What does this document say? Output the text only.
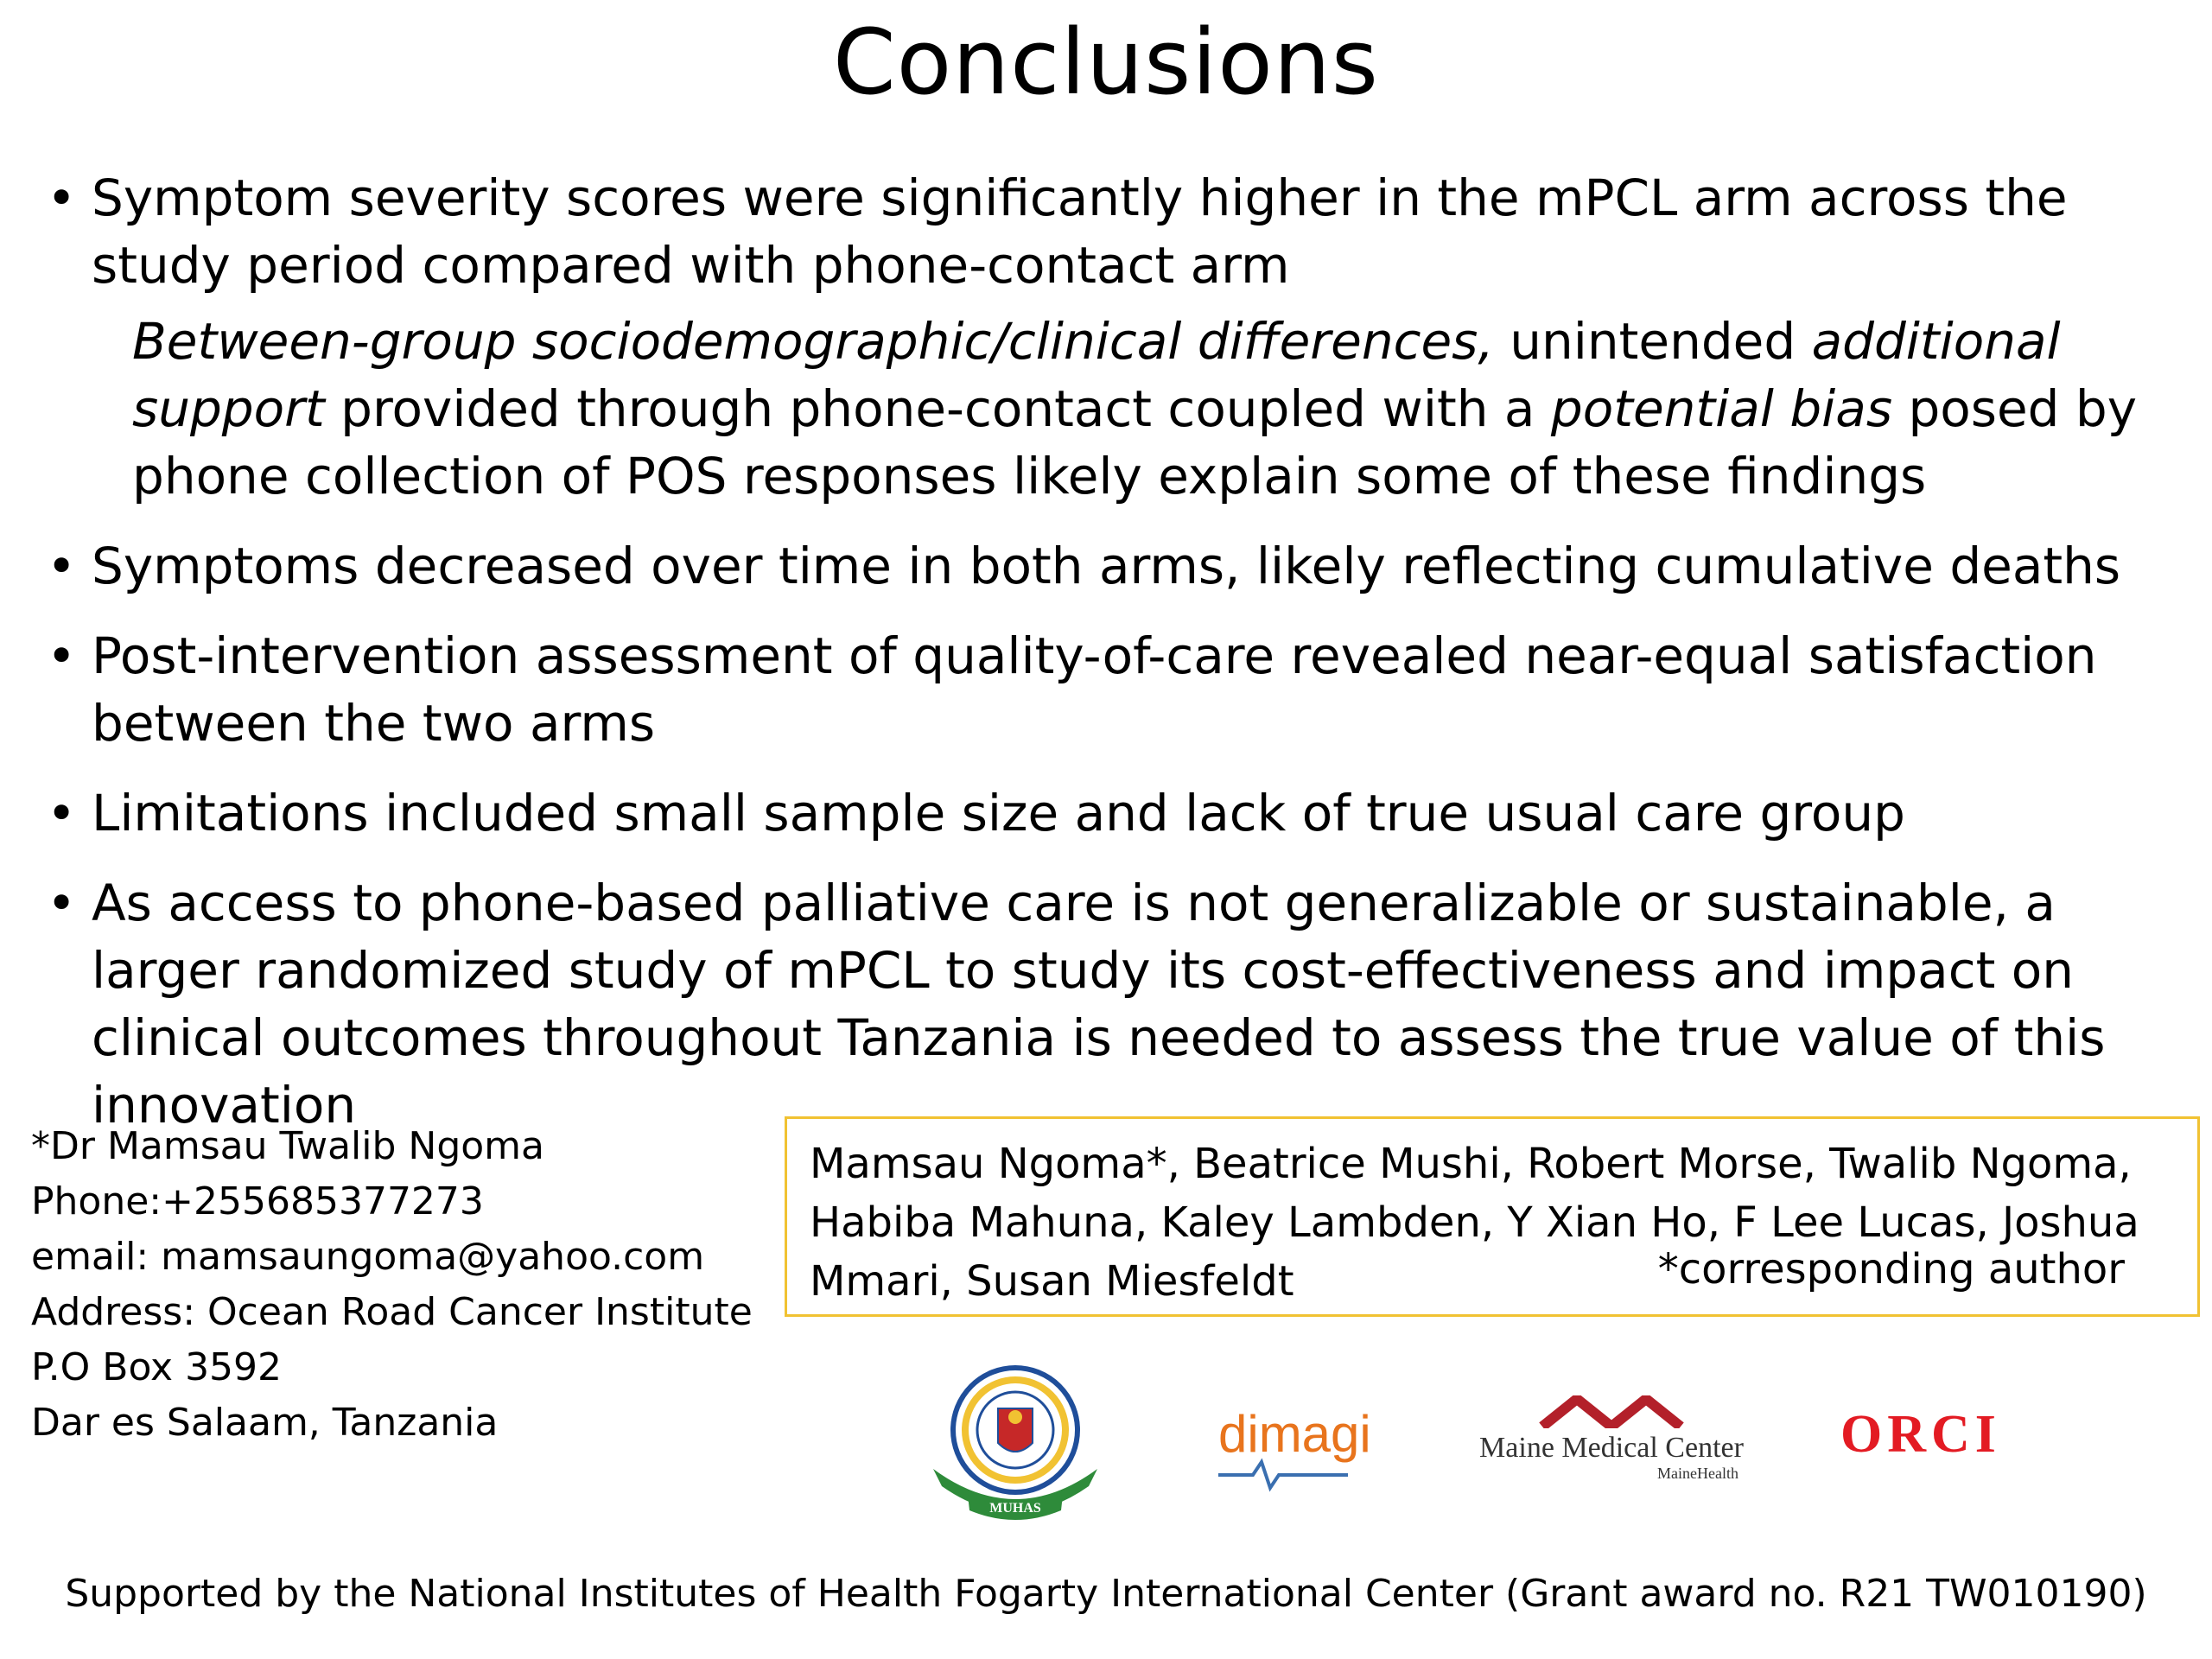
Conclusions
• Symptom severity scores were significantly higher in the mPCL arm across the study period compared with phone-contact arm
Between-group sociodemographic/clinical differences, unintended additional support provided through phone-contact coupled with a potential bias posed by phone collection of POS responses likely explain some of these findings
• Symptoms decreased over time in both arms, likely reflecting cumulative deaths
• Post-intervention assessment of quality-of-care revealed near-equal satisfaction between the two arms
• Limitations included small sample size and lack of true usual care group
• As access to phone-based palliative care is not generalizable or sustainable, a larger randomized study of mPCL to study its cost-effectiveness and impact on clinical outcomes throughout Tanzania is needed to assess the true value of this innovation
*Dr Mamsau Twalib Ngoma
Phone:+255685377273
email: mamsaungoma@yahoo.com
Address: Ocean Road Cancer Institute
P.O Box 3592
Dar es Salaam, Tanzania
Mamsau Ngoma*, Beatrice Mushi, Robert Morse, Twalib Ngoma, Habiba Mahuna, Kaley Lambden, Y Xian Ho, F Lee Lucas, Joshua Mmari, Susan Miesfeldt	*corresponding author
MUHAS
dimagi	Maine Medical Center
MaineHealth
ORCI
Supported by the National Institutes of Health Fogarty International Center (Grant award no. R21 TW010190)
